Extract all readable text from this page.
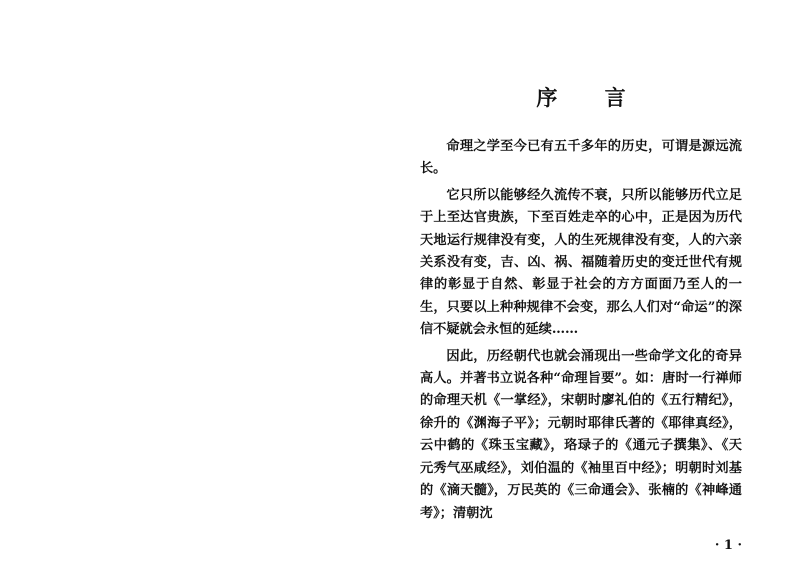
序 言

命理之学至今已有五千多年的历史，可谓是源远流长。

它只所以能够经久流传不衰，只所以能够历代立足于上至达官贵族，下至百姓走卒的心中，正是因为历代天地运行规律没有变，人的生死规律没有变，人的六亲关系没有变，吉、凶、祸、福随着历史的变迁世代有规律的彰显于自然、彰显于社会的方方面面乃至人的一生，只要以上种种规律不会变，那么人们对“命运”的深信不疑就会永恒的延续……

因此，历经朝代也就会涌现出一些命学文化的奇异高人。并著书立说各种“命理旨要”。如：唐时一行禅师的命理天机《一掌经》，宋朝时廖礼伯的《五行精纪》，徐升的《渊海子平》；元朝时耶律氏著的《耶律真经》，云中鹤的《珠玉宝藏》，珞琭子的《通元子撰集》、《天元秀气巫咸经》，刘伯温的《袖里百中经》；明朝时刘基的《滴天髓》，万民英的《三命通会》、张楠的《神峰通考》；清朝沈

· 1 ·
